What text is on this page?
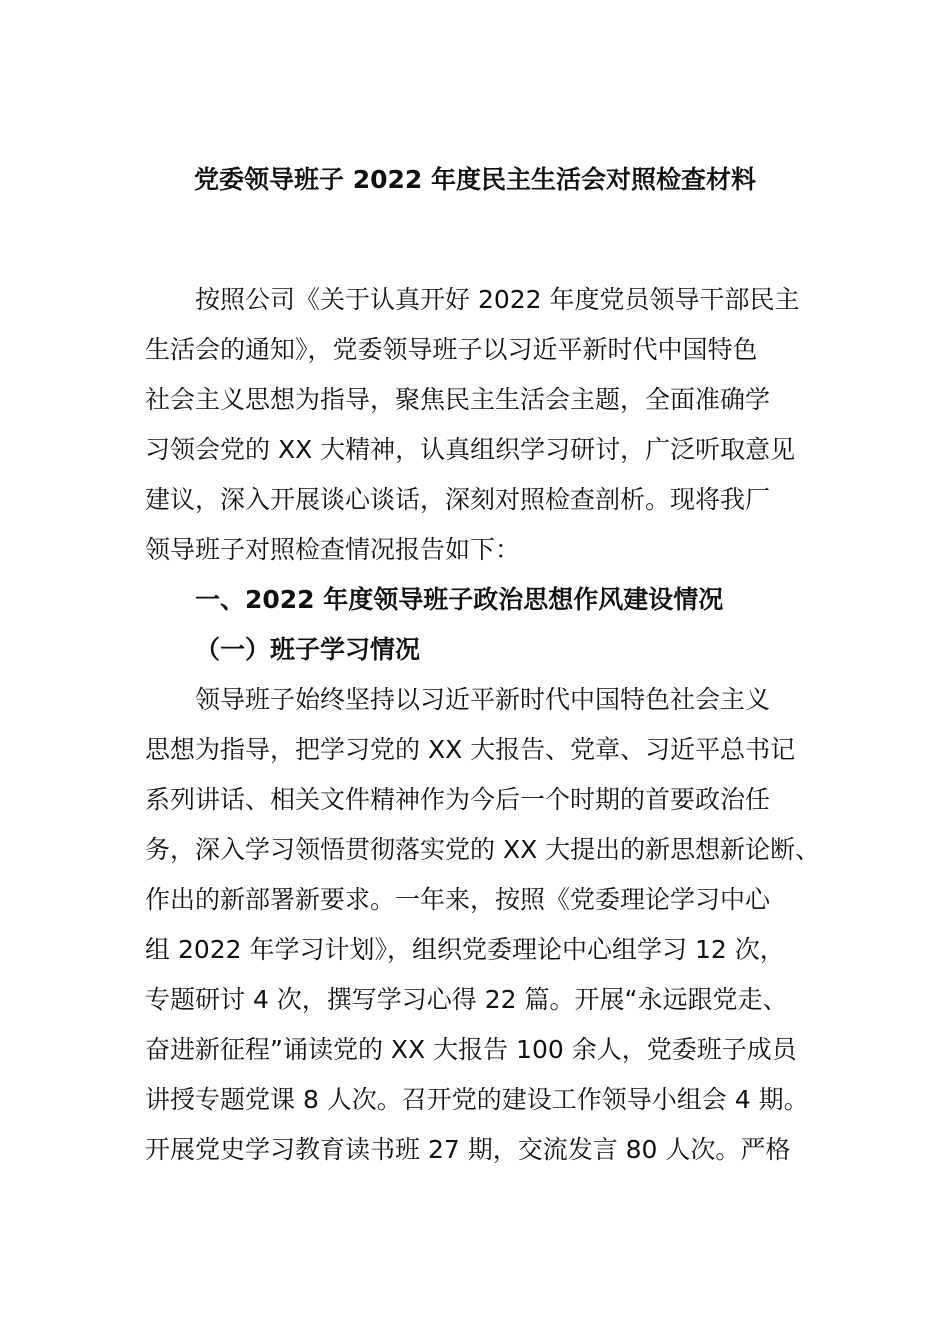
党委领导班子 2022 年度民主生活会对照检查材料
按照公司《关于认真开好 2022 年度党员领导干部民主
生活会的通知》，党委领导班子以习近平新时代中国特色
社会主义思想为指导，聚焦民主生活会主题，全面准确学
习领会党的 XX 大精神，认真组织学习研讨，广泛听取意见
建议，深入开展谈心谈话，深刻对照检查剖析。现将我厂
领导班子对照检查情况报告如下：
一、2022 年度领导班子政治思想作风建设情况
（一）班子学习情况
领导班子始终坚持以习近平新时代中国特色社会主义
思想为指导，把学习党的 XX 大报告、党章、习近平总书记
系列讲话、相关文件精神作为今后一个时期的首要政治任
务，深入学习领悟贯彻落实党的 XX 大提出的新思想新论断、
作出的新部署新要求。一年来，按照《党委理论学习中心
组 2022 年学习计划》，组织党委理论中心组学习 12 次，
专题研讨 4 次，撰写学习心得 22 篇。开展“永远跟党走、
奋进新征程”诵读党的 XX 大报告 100 余人，党委班子成员
讲授专题党课 8 人次。召开党的建设工作领导小组会 4 期。
开展党史学习教育读书班 27 期，交流发言 80 人次。严格
